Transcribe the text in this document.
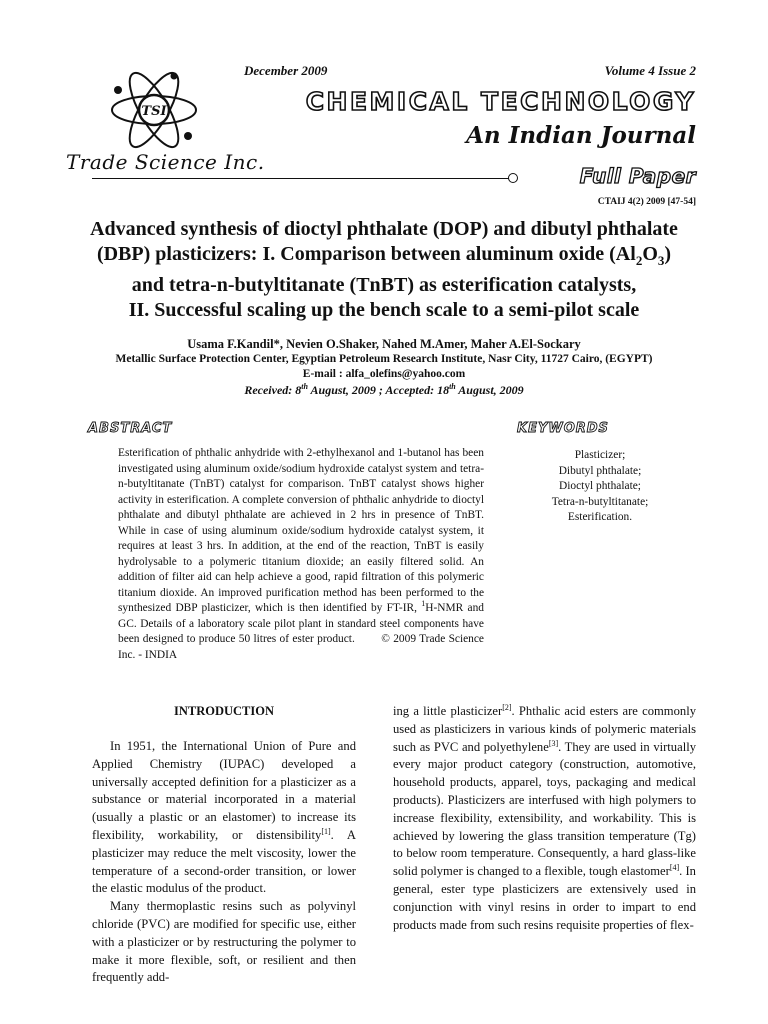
TSI
Trade Science Inc.
December 2009	Volume 4 Issue 2
CHEMICAL TECHNOLOGY
An Indian Journal
Full Paper
CTAIJ 4(2) 2009 [47-54]
Advanced synthesis of dioctyl phthalate (DOP) and dibutyl phthalate
(DBP) plasticizers: I. Comparison between aluminum oxide $(Al_2O_3)$
and tetra-n-butyltitanate (TnBT) as esterification catalysts,
II. Successful scaling up the bench scale to a semi-pilot scale
Usama F.Kandil*, Nevien O.Shaker, Nahed M.Amer, Maher A.El-Sockary
Metallic Surface Protection Center, Egyptian Petroleum Research Institute, Nasr City, 11727 Cairo, (EGYPT)
E-mail : alfa_olefins@yahoo.com
Received: 8th August, 2009 ; Accepted: 18th August, 2009
ABSTRACT	KEYWORDS
Esterification of phthalic anhydride with 2-ethylhexanol and 1-butanol has been investigated using aluminum oxide/sodium hydroxide catalyst system and tetra-n-butyltitanate (TnBT) catalyst for comparison. TnBT catalyst shows higher activity in esterification. A complete conversion of phthalic anhydride to dioctyl phthalate and dibutyl phthalate are achieved in 2 hrs in presence of TnBT. While in case of using aluminum oxide/sodium hydroxide catalyst system, it requires at least 3 hrs. In addition, at the end of the reaction, TnBT is easily hydrolysable to a polymeric titanium dioxide; an easily filtered solid. An addition of filter aid can help achieve a good, rapid filtration of this polymeric titanium dioxide. An improved purification method has been performed to the synthesized DBP plasticizer, which is then identified by FT-IR, $^1$H-NMR and GC. Details of a laboratory scale pilot plant in standard steel components have been designed to produce 50 litres of ester product. © 2009 Trade Science Inc. - INDIA
Plasticizer;
Dibutyl phthalate;
Dioctyl phthalate;
Tetra-n-butyltitanate;
Esterification.
INTRODUCTION

In 1951, the International Union of Pure and Applied Chemistry (IUPAC) developed a universally accepted definition for a plasticizer as a substance or material incorporated in a material (usually a plastic or an elastomer) to increase its flexibility, workability, or distensibility[1]. A plasticizer may reduce the melt viscosity, lower the temperature of a second-order transition, or lower the elastic modulus of the product.

Many thermoplastic resins such as polyvinyl chloride (PVC) are modified for specific use, either with a plasticizer or by restructuring the polymer to make it more flexible, soft, or resilient and then frequently add-

ing a little plasticizer[2]. Phthalic acid esters are commonly used as plasticizers in various kinds of polymeric materials such as PVC and polyethylene[3]. They are used in virtually every major product category (construction, automotive, household products, apparel, toys, packaging and medical products). Plasticizers are interfused with high polymers to increase flexibility, extensibility, and workability. This is achieved by lowering the glass transition temperature (Tg) to below room temperature. Consequently, a hard glass-like solid polymer is changed to a flexible, tough elastomer[4]. In general, ester type plasticizers are extensively used in conjunction with vinyl resins in order to impart to end products made from such resins requisite properties of flex-
